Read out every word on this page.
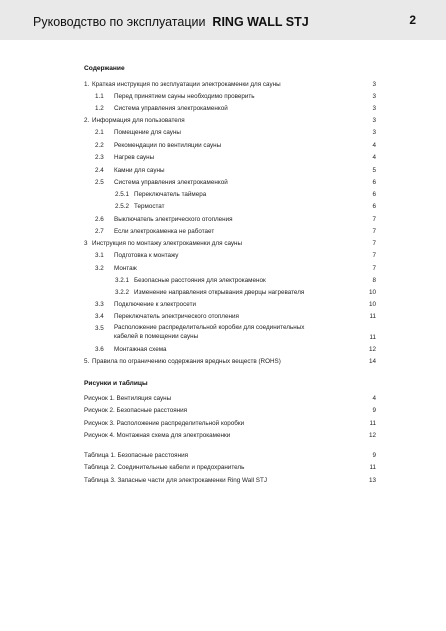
Руководство по эксплуатации RING WALL STJ	2
Содержание
1. Краткая инструкция по эксплуатации электрокаменки для сауны	3
1.1 Перед принятием сауны необходимо проверить	3
1.2 Система управления электрокаменкой	3
2. Информация для пользователя	3
2.1 Помещение для сауны	3
2.2 Рекомендации по вентиляции сауны	4
2.3 Нагрев сауны	4
2.4 Камни для сауны	5
2.5 Система управления электрокаменкой	6
2.5.1 Переключатель таймера	6
2.5.2 Термостат	6
2.6 Выключатель электрического отопления	7
2.7 Если электрокаменка не работает	7
3 Инструкция по монтажу электрокаменки для сауны	7
3.1 Подготовка к монтажу	7
3.2 Монтаж	7
3.2.1 Безопасные расстояния для электрокаменок	8
3.2.2 Изменение направления открывания дверцы нагревателя	10
3.3 Подключение к электросети	10
3.4 Переключатель электрического отопления	11
3.5 Расположение распределительной коробки для соединительных кабелей в помещении сауны	11
3.6 Монтажная схема	12
5. Правила по ограничению содержания вредных веществ (ROHS)	14
Рисунки и таблицы
Рисунок 1. Вентиляция сауны	4
Рисунок 2. Безопасные расстояния	9
Рисунок 3. Расположение распределительной коробки	11
Рисунок 4. Монтажная схема для электрокаменки	12
Таблица 1. Безопасные расстояния	9
Таблица 2. Соединительные кабели и предохранитель	11
Таблица 3. Запасные части для электрокаменки Ring Wall STJ	13
